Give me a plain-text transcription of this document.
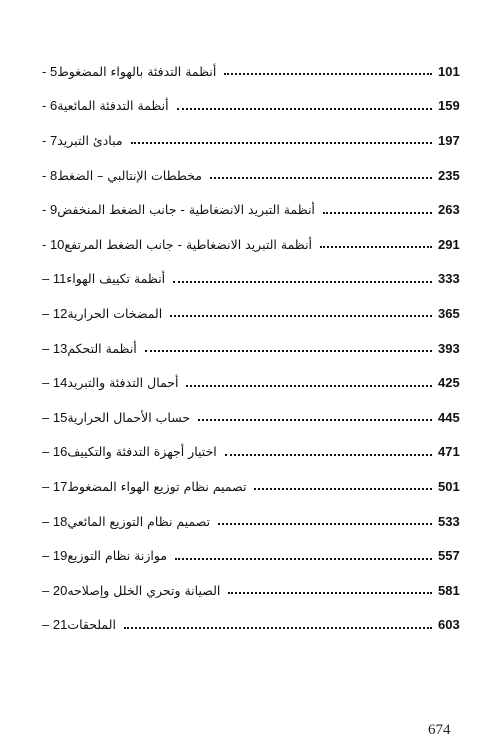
5 - أنظمة التدفئة بالهواء المضغوط	101
6 - أنظمة التدفئة المائعية	159
7 - مبادئ التبريد	197
8 - مخططات الإنتالبي – الضغط	235
9 - أنظمة التبريد الانضغاطية - جانب الضغط المنخفض	263
10 - أنظمة التبريد الانضغاطية - جانب الضغط المرتفع	291
11 – أنظمة تكييف الهواء	333
12 – المضخات الحرارية	365
13 – أنظمة التحكم	393
14 – أحمال التدفئة والتبريد	425
15 – حساب الأحمال الحرارية	445
16 – اختيار أجهزة التدفئة والتكييف	471
17 – تصميم نظام توزيع الهواء المضغوط	501
18 – تصميم نظام التوزيع المائعي	533
19 – موازنة نظام التوزيع	557
20 – الصيانة وتحري الخلل وإصلاحه	581
21 – الملحقات	603
674
